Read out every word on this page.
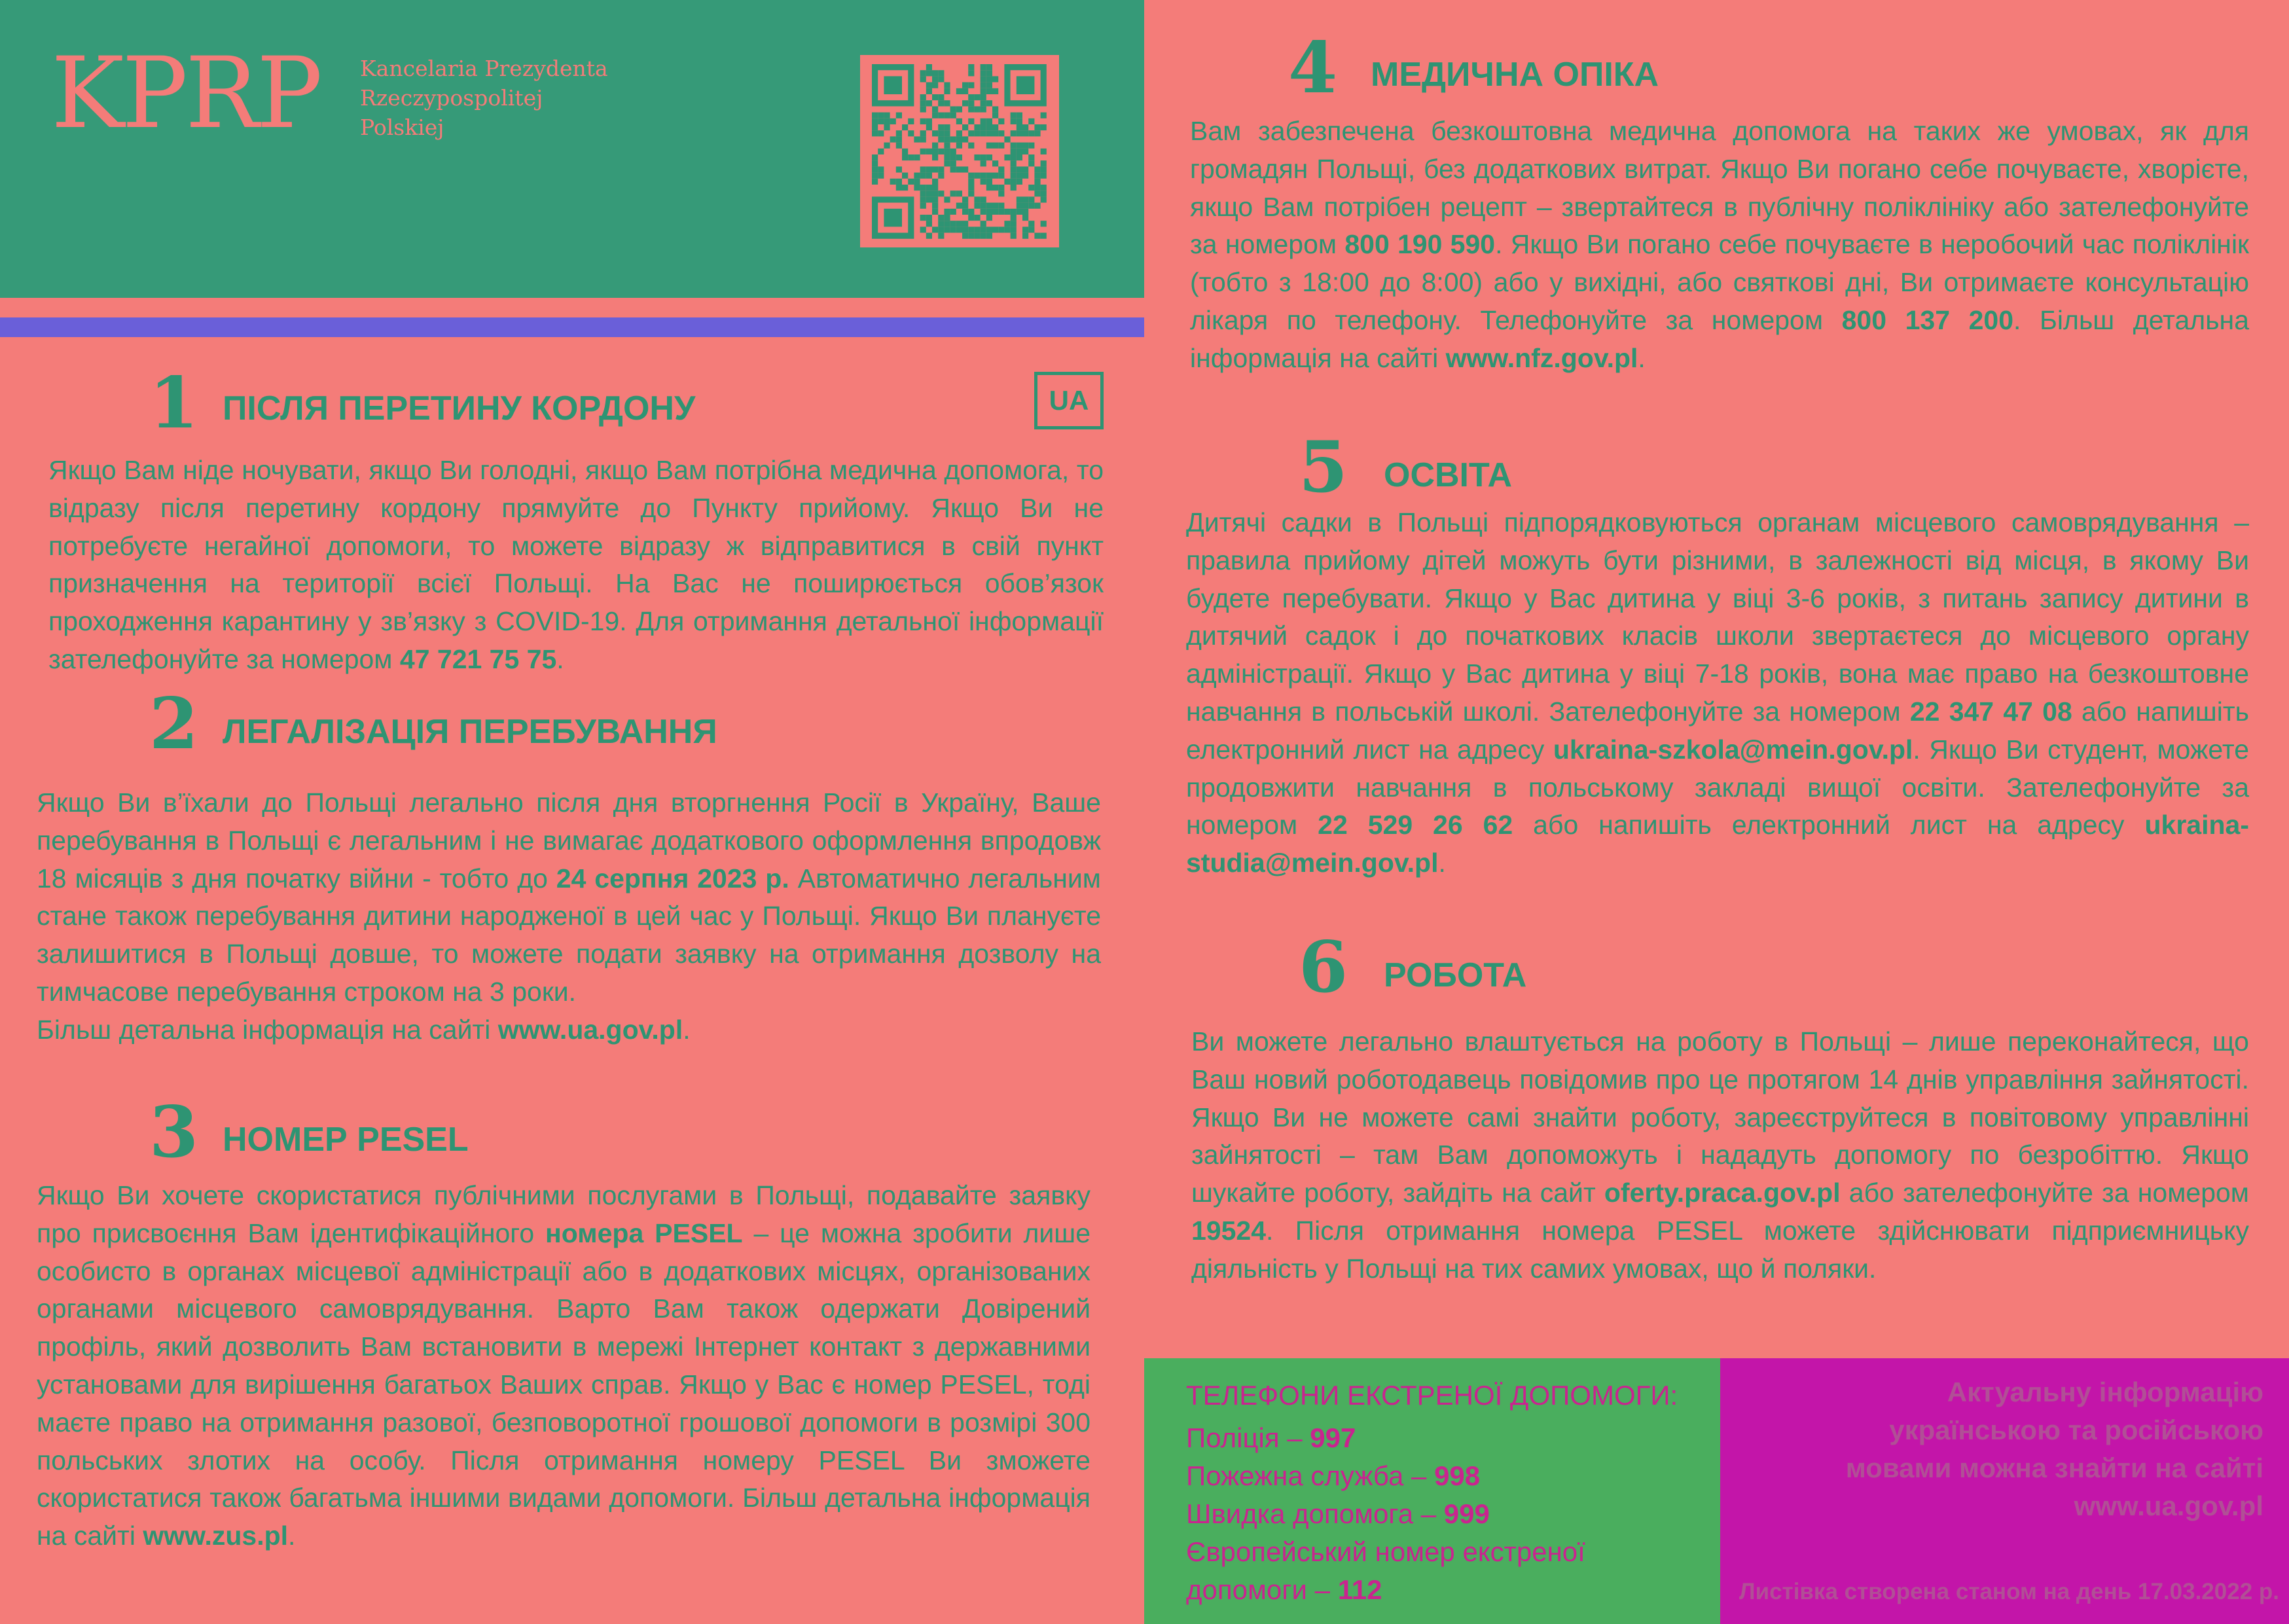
KPRP Kancelaria Prezydenta
Rzeczypospolitej
Polskiej
1 ПІСЛЯ ПЕРЕТИНУ КОРДОНУ	UA
Якщо Вам ніде ночувати, якщо Ви голодні, якщо Вам потрібна медична допомога, то відразу після перетину кордону прямуйте до Пункту прийому. Якщо Ви не потребуєте негайної допомоги, то можете відразу ж відправитися в свій пункт призначення на території всієї Польщі. На Вас не поширюється обов’язок проходження карантину у зв’язку з COVID-19. Для отримання детальної інформації зателефонуйте за номером 47 721 75 75.
2 ЛЕГАЛІЗАЦІЯ ПЕРЕБУВАННЯ
Якщо Ви в’їхали до Польщі легально після дня вторгнення Росії в Україну, Ваше перебування в Польщі є легальним і не вимагає додаткового оформлення впродовж 18 місяців з дня початку війни - тобто до 24 серпня 2023 р. Автоматично легальним стане також перебування дитини народженої в цей час у Польщі. Якщо Ви плануєте залишитися в Польщі довше, то можете подати заявку на отримання дозволу на тимчасове перебування строком на 3 роки.
Більш детальна інформація на сайті www.ua.gov.pl.
3 НОМЕР PESEL
Якщо Ви хочете скористатися публічними послугами в Польщі, подавайте заявку про присвоєння Вам ідентифікаційного номера PESEL – це можна зробити лише особисто в органах місцевої адміністрації або в додаткових місцях, організованих органами місцевого самоврядування. Варто Вам також одержати Довірений профіль, який дозволить Вам встановити в мережі Інтернет контакт з державними установами для вирішення багатьох Ваших справ. Якщо у Вас є номер PESEL, тоді маєте право на отримання разової, безповоротної грошової допомоги в розмірі 300 польських злотих на особу. Після отримання номеру PESEL Ви зможете скористатися також багатьма іншими видами допомоги. Більш детальна інформація на сайті www.zus.pl.
4 МЕДИЧНА ОПІКА
Вам забезпечена безкоштовна медична допомога на таких же умовах, як для громадян Польщі, без додаткових витрат. Якщо Ви погано себе почуваєте, хворієте, якщо Вам потрібен рецепт – звертайтеся в публічну поліклініку або зателефонуйте за номером 800 190 590. Якщо Ви погано себе почуваєте в неробочий час поліклінік (тобто з 18:00 до 8:00) або у вихідні, або святкові дні, Ви отримаєте консультацію лікаря по телефону. Телефонуйте за номером 800 137 200. Більш детальна інформація на сайті www.nfz.gov.pl.
5 ОСВІТА
Дитячі садки в Польщі підпорядковуються органам місцевого самоврядування – правила прийому дітей можуть бути різними, в залежності від місця, в якому Ви будете перебувати. Якщо у Вас дитина у віці 3-6 років, з питань запису дитини в дитячий садок і до початкових класів школи звертаєтеся до місцевого органу адміністрації. Якщо у Вас дитина у віці 7-18 років, вона має право на безкоштовне навчання в польській школі. Зателефонуйте за номером 22 347 47 08 або напишіть електронний лист на адресу ukraina-szkola@mein.gov.pl. Якщо Ви студент, можете продовжити навчання в польському закладі вищої освіти. Зателефонуйте за номером 22 529 26 62 або напишіть електронний лист на адресу ukraina-studia@mein.gov.pl.
6 РОБОТА
Ви можете легально влаштується на роботу в Польщі – лише переконайтеся, що Ваш новий роботодавець повідомив про це протягом 14 днів управління зайнятості. Якщо Ви не можете самі знайти роботу, зареєструйтеся в повітовому управлінні зайнятості – там Вам допоможуть і нададуть допомогу по безробіттю. Якщо шукайте роботу, зайдіть на сайт oferty.praca.gov.pl або зателефонуйте за номером 19524. Після отримання номера PESEL можете здійснювати підприємницьку діяльність у Польщі на тих самих умовах, що й поляки.
ТЕЛЕФОНИ ЕКСТРЕНОЇ ДОПОМОГИ:
Поліція – 997
Пожежна служба – 998
Швидка допомога – 999
Європейський номер екстреної допомоги – 112
Актуальну інформацію
українською та російською
мовами можна знайти на сайті
www.ua.gov.pl
Листівка створена станом на день 17.03.2022 р.
